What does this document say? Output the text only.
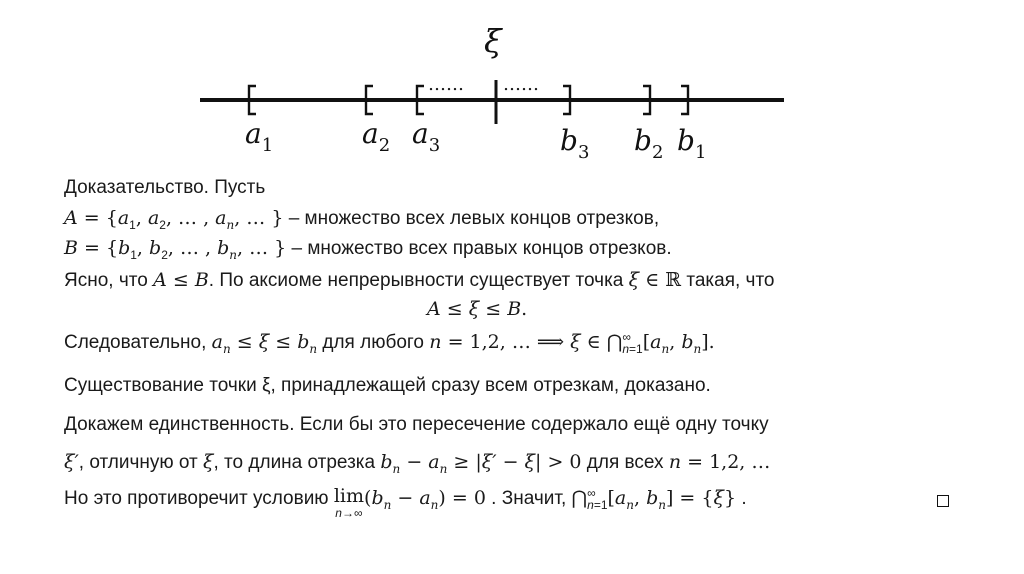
ξ
…… ……
$a_1$	$a_2$ $a_3$	$b_3$ $b_2$ $b_1$
Доказательство. Пусть
$A = \{a_1$, $a_2$, … , $a_n$, … } – множество всех левых концов отрезков,
$B = \{b_1$, $b_2$, … , $b_n$, … } – множество всех правых концов отрезков.
Ясно, что A ≤ B. По аксиоме непрерывности существует точка ξ ∈ ℝ такая, что
A ≤ ξ ≤ B.
Следовательно, $a_n \le \xi \le b_n$ для любого n = 1,2, … ⟹ ξ ∈ ⋂ ∞
n=1 [$a_n$, $b_n$].
Существование точки ξ, принадлежащей сразу всем отрезкам, доказано.
Докажем единственность. Если бы это пересечение содержало ещё одну точку
ξ′, отличную от ξ, то длина отрезка $b_n - a_n \ge |\xi' - \xi| > 0$ для всех n = 1,2, …
Но это противоречит условию lim
n→∞
$(b_n - a_n) = 0$ . Значит, ⋂ ∞
n=1 [$a_n$, $b_n] = \{\xi\}$ .
